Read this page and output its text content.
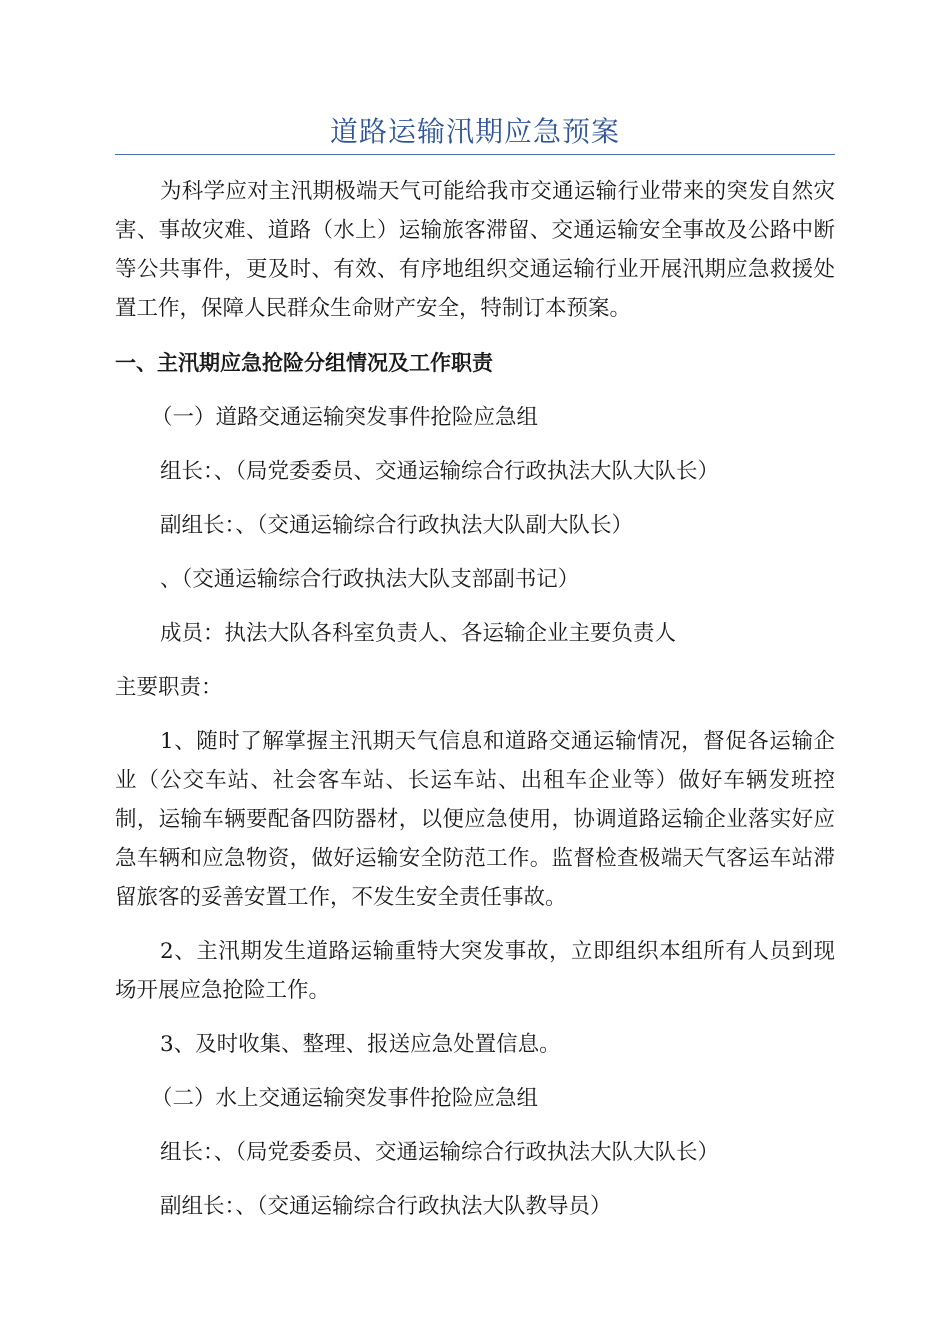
道路运输汛期应急预案

为科学应对主汛期极端天气可能给我市交通运输行业带来的突发自然灾害、事故灾难、道路（水上）运输旅客滞留、交通运输安全事故及公路中断等公共事件，更及时、有效、有序地组织交通运输行业开展汛期应急救援处置工作，保障人民群众生命财产安全，特制订本预案。

一、主汛期应急抢险分组情况及工作职责

（一）道路交通运输突发事件抢险应急组

组长：、（局党委委员、交通运输综合行政执法大队大队长）

副组长：、（交通运输综合行政执法大队副大队长）

、（交通运输综合行政执法大队支部副书记）

成员：执法大队各科室负责人、各运输企业主要负责人

主要职责：

1、随时了解掌握主汛期天气信息和道路交通运输情况，督促各运输企业（公交车站、社会客车站、长运车站、出租车企业等）做好车辆发班控制，运输车辆要配备四防器材，以便应急使用，协调道路运输企业落实好应急车辆和应急物资，做好运输安全防范工作。监督检查极端天气客运车站滞留旅客的妥善安置工作，不发生安全责任事故。

2、主汛期发生道路运输重特大突发事故，立即组织本组所有人员到现场开展应急抢险工作。

3、及时收集、整理、报送应急处置信息。

（二）水上交通运输突发事件抢险应急组

组长：、（局党委委员、交通运输综合行政执法大队大队长）

副组长：、（交通运输综合行政执法大队教导员）
